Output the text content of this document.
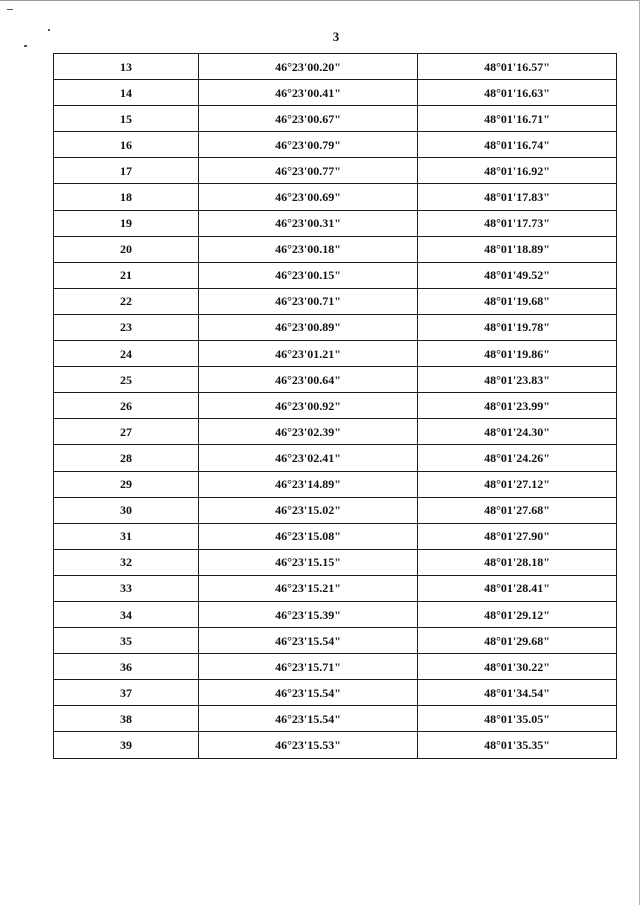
3
13	46°23'00.20"	48°01'16.57"
14	46°23'00.41"	48°01'16.63"
15	46°23'00.67"	48°01'16.71"
16	46°23'00.79"	48°01'16.74"
17	46°23'00.77"	48°01'16.92"
18	46°23'00.69"	48°01'17.83"
19	46°23'00.31"	48°01'17.73"
20	46°23'00.18"	48°01'18.89"
21	46°23'00.15"	48°01'49.52"
22	46°23'00.71"	48°01'19.68"
23	46°23'00.89"	48°01'19.78"
24	46°23'01.21"	48°01'19.86"
25	46°23'00.64"	48°01'23.83"
26	46°23'00.92"	48°01'23.99"
27	46°23'02.39"	48°01'24.30"
28	46°23'02.41"	48°01'24.26"
29	46°23'14.89"	48°01'27.12"
30	46°23'15.02"	48°01'27.68"
31	46°23'15.08"	48°01'27.90"
32	46°23'15.15"	48°01'28.18"
33	46°23'15.21"	48°01'28.41"
34	46°23'15.39"	48°01'29.12"
35	46°23'15.54"	48°01'29.68"
36	46°23'15.71"	48°01'30.22"
37	46°23'15.54"	48°01'34.54"
38	46°23'15.54"	48°01'35.05"
39	46°23'15.53"	48°01'35.35"
